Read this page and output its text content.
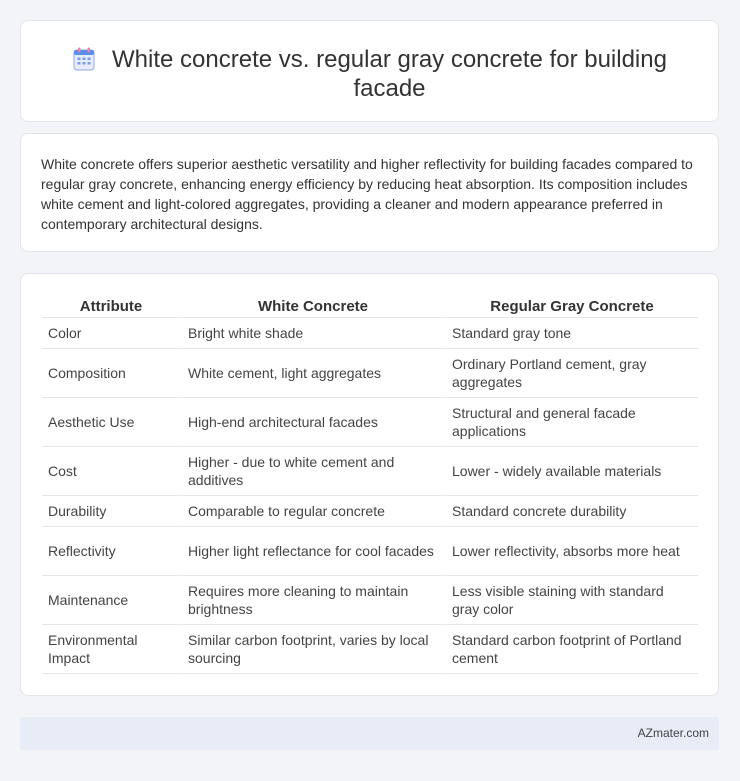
White concrete vs. regular gray concrete for building facade

White concrete offers superior aesthetic versatility and higher reflectivity for building facades compared to regular gray concrete, enhancing energy efficiency by reducing heat absorption. Its composition includes white cement and light-colored aggregates, providing a cleaner and modern appearance preferred in contemporary architectural designs.

Attribute	White Concrete	Regular Gray Concrete
Color	Bright white shade	Standard gray tone
Composition	White cement, light aggregates	Ordinary Portland cement, gray aggregates
Aesthetic Use	High-end architectural facades	Structural and general facade applications
Cost	Higher - due to white cement and additives	Lower - widely available materials
Durability	Comparable to regular concrete	Standard concrete durability
Reflectivity	Higher light reflectance for cool facades	Lower reflectivity, absorbs more heat
Maintenance	Requires more cleaning to maintain brightness	Less visible staining with standard gray color
Environmental Impact	Similar carbon footprint, varies by local sourcing	Standard carbon footprint of Portland cement
AZmater.com
